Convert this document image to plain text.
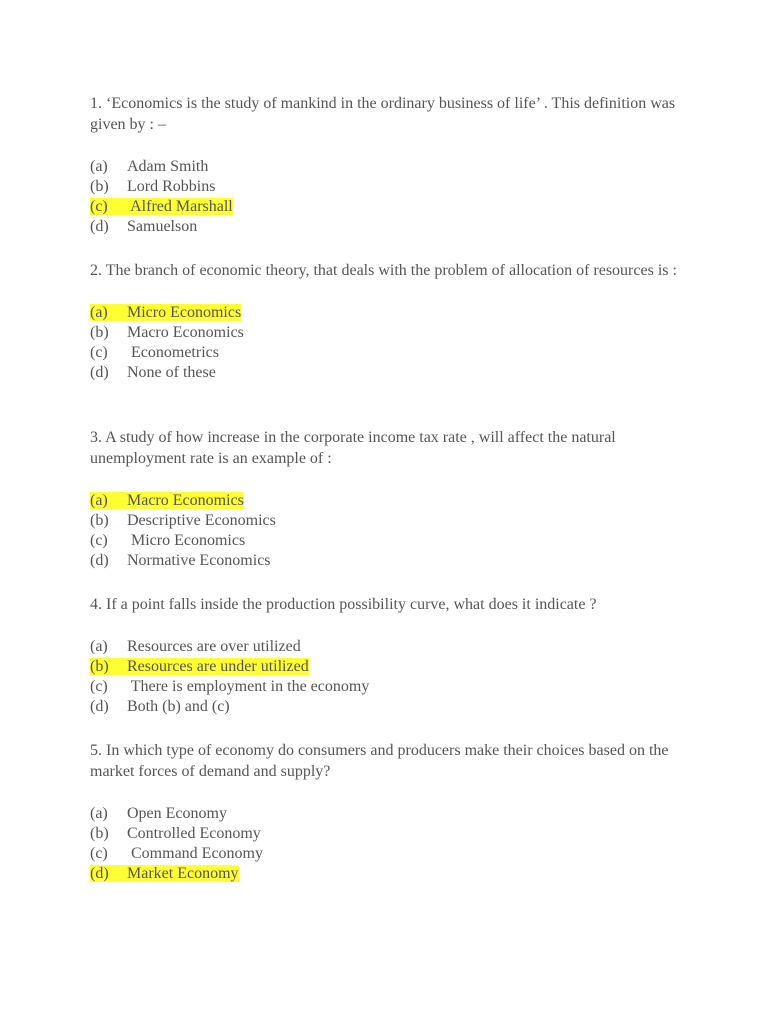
1. ‘Economics is the study of mankind in the ordinary business of life’ . This definition was given by : –

(a) Adam Smith
(b) Lord Robbins
(c) Alfred Marshall
(d) Samuelson

2. The branch of economic theory, that deals with the problem of allocation of resources is :

(a) Micro Economics
(b) Macro Economics
(c) Econometrics
(d) None of these

3. A study of how increase in the corporate income tax rate , will affect the natural unemployment rate is an example of :

(a) Macro Economics
(b) Descriptive Economics
(c) Micro Economics
(d) Normative Economics

4. If a point falls inside the production possibility curve, what does it indicate ?

(a) Resources are over utilized
(b) Resources are under utilized
(c) There is employment in the economy
(d) Both (b) and (c)

5. In which type of economy do consumers and producers make their choices based on the market forces of demand and supply?

(a) Open Economy
(b) Controlled Economy
(c) Command Economy
(d) Market Economy
